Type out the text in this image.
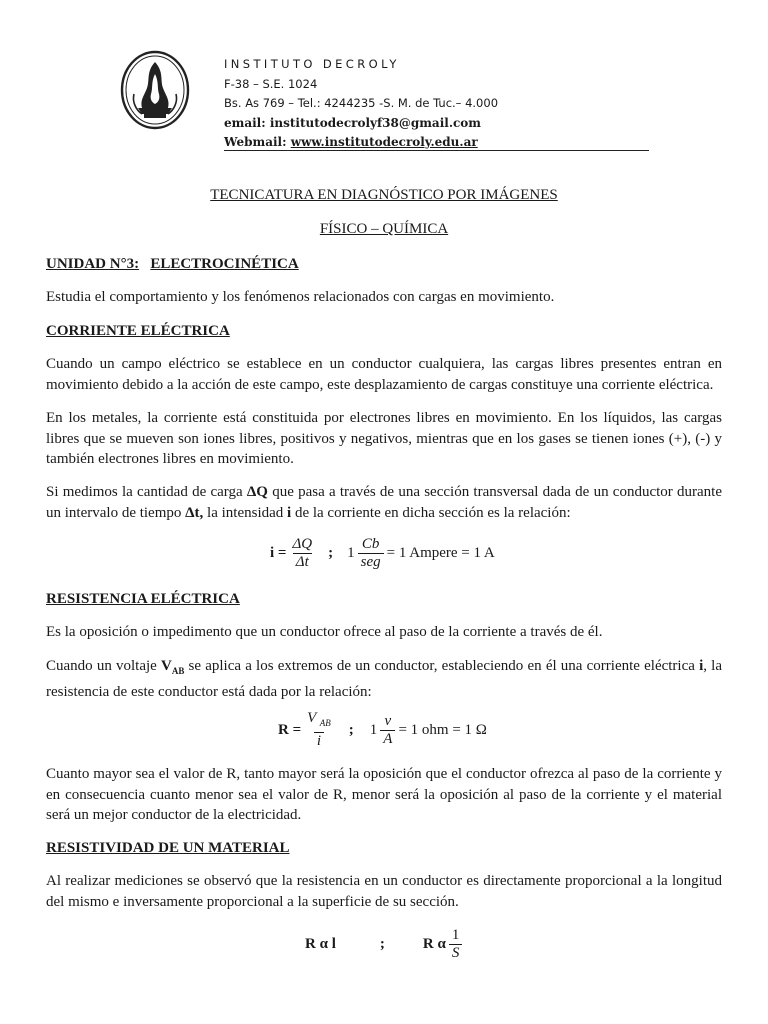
INSTITUTO DECROLY
F-38 – S.E. 1024
Bs. As 769 – Tel.: 4244235 -S. M. de Tuc.– 4.000
email: institutodecrolyf38@gmail.com
Webmail: www.institutodecroly.edu.ar
TECNICATURA EN DIAGNÓSTICO POR IMÁGENES
FÍSICO – QUÍMICA
UNIDAD N°3: ELECTROCINÉTICA
Estudia el comportamiento y los fenómenos relacionados con cargas en movimiento.
CORRIENTE ELÉCTRICA
Cuando un campo eléctrico se establece en un conductor cualquiera, las cargas libres presentes entran en movimiento debido a la acción de este campo, este desplazamiento de cargas constituye una corriente eléctrica.
En los metales, la corriente está constituida por electrones libres en movimiento. En los líquidos, las cargas libres que se mueven son iones libres, positivos y negativos, mientras que en los gases se tienen iones (+), (-) y también electrones libres en movimiento.
Si medimos la cantidad de carga ΔQ que pasa a través de una sección transversal dada de un conductor durante un intervalo de tiempo Δt, la intensidad i de la corriente en dicha sección es la relación:
$i = \frac{\Delta Q}{\Delta t}$ ; $1 \frac{Cb}{\text{seg}} = 1$ Ampere = 1 A
RESISTENCIA ELÉCTRICA
Es la oposición o impedimento que un conductor ofrece al paso de la corriente a través de él.
Cuando un voltaje $V_{AB}$ se aplica a los extremos de un conductor, estableciendo en él una corriente eléctrica i, la resistencia de este conductor está dada por la relación:
$R = \frac{V _{AB}}{i}$ ; $1 \frac{v}{A} = 1$ ohm = 1 Ω
Cuanto mayor sea el valor de R, tanto mayor será la oposición que el conductor ofrezca al paso de la corriente y en consecuencia cuanto menor sea el valor de R, menor será la oposición al paso de la corriente y el material será un mejor conductor de la electricidad.
RESISTIVIDAD DE UN MATERIAL
Al realizar mediciones se observó que la resistencia en un conductor es directamente proporcional a la longitud del mismo e inversamente proporcional a la superficie de su sección.
R α l	;	R α $\frac{1}{S}$
